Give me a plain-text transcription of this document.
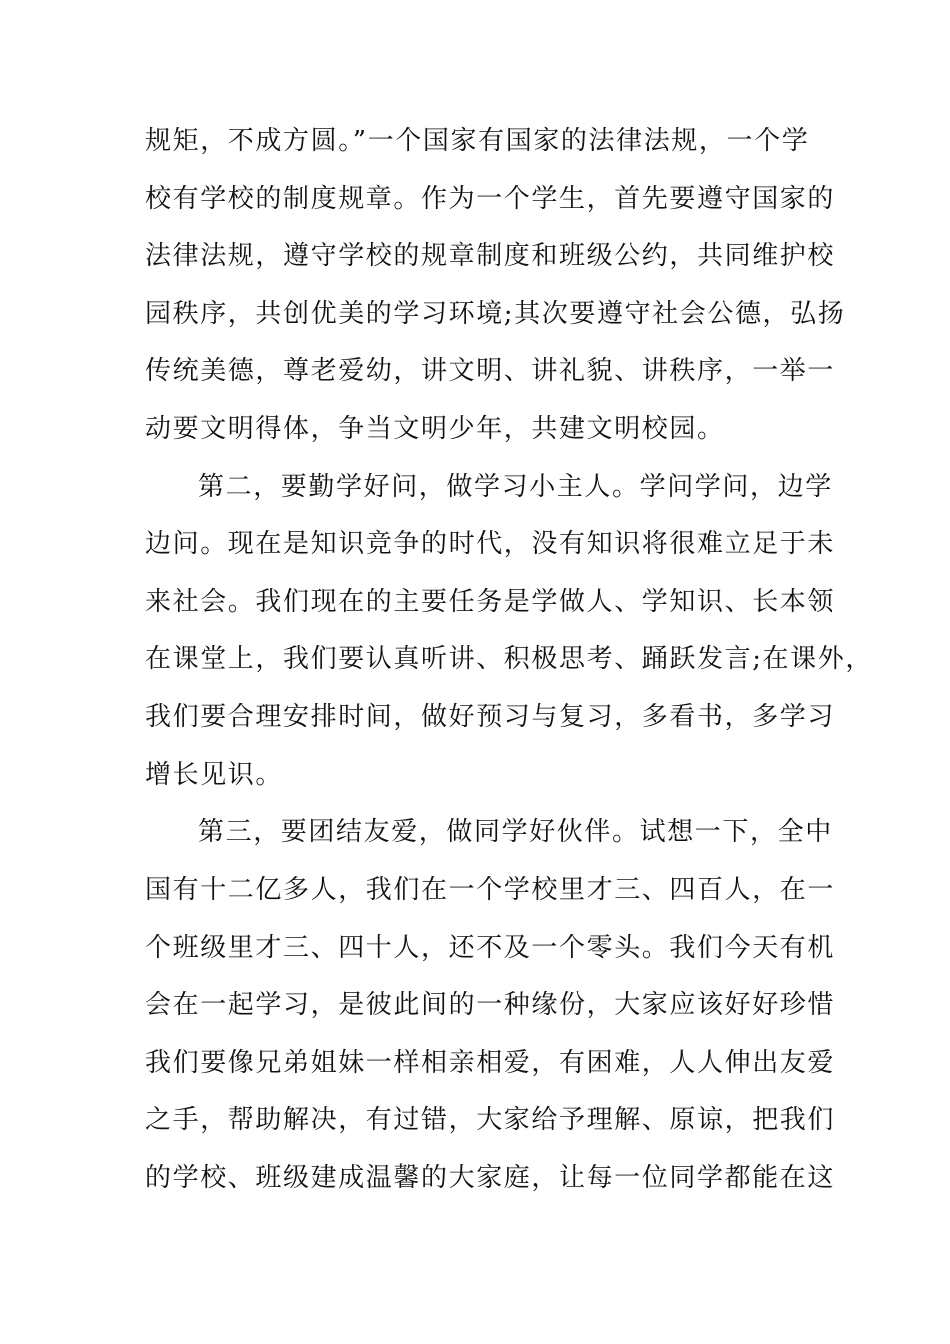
规矩，不成方圆。”一个国家有国家的法律法规，一个学
校有学校的制度规章。作为一个学生，首先要遵守国家的
法律法规，遵守学校的规章制度和班级公约，共同维护校
园秩序，共创优美的学习环境;其次要遵守社会公德，弘扬
传统美德，尊老爱幼，讲文明、讲礼貌、讲秩序，一举一
动要文明得体，争当文明少年，共建文明校园。
第二，要勤学好问，做学习小主人。学问学问，边学
边问。现在是知识竞争的时代，没有知识将很难立足于未
来社会。我们现在的主要任务是学做人、学知识、长本领
在课堂上，我们要认真听讲、积极思考、踊跃发言;在课外，
我们要合理安排时间，做好预习与复习，多看书，多学习
增长见识。
第三，要团结友爱，做同学好伙伴。试想一下，全中
国有十二亿多人，我们在一个学校里才三、四百人，在一
个班级里才三、四十人，还不及一个零头。我们今天有机
会在一起学习，是彼此间的一种缘份，大家应该好好珍惜
我们要像兄弟姐妹一样相亲相爱，有困难，人人伸出友爱
之手，帮助解决，有过错，大家给予理解、原谅，把我们
的学校、班级建成温馨的大家庭，让每一位同学都能在这
